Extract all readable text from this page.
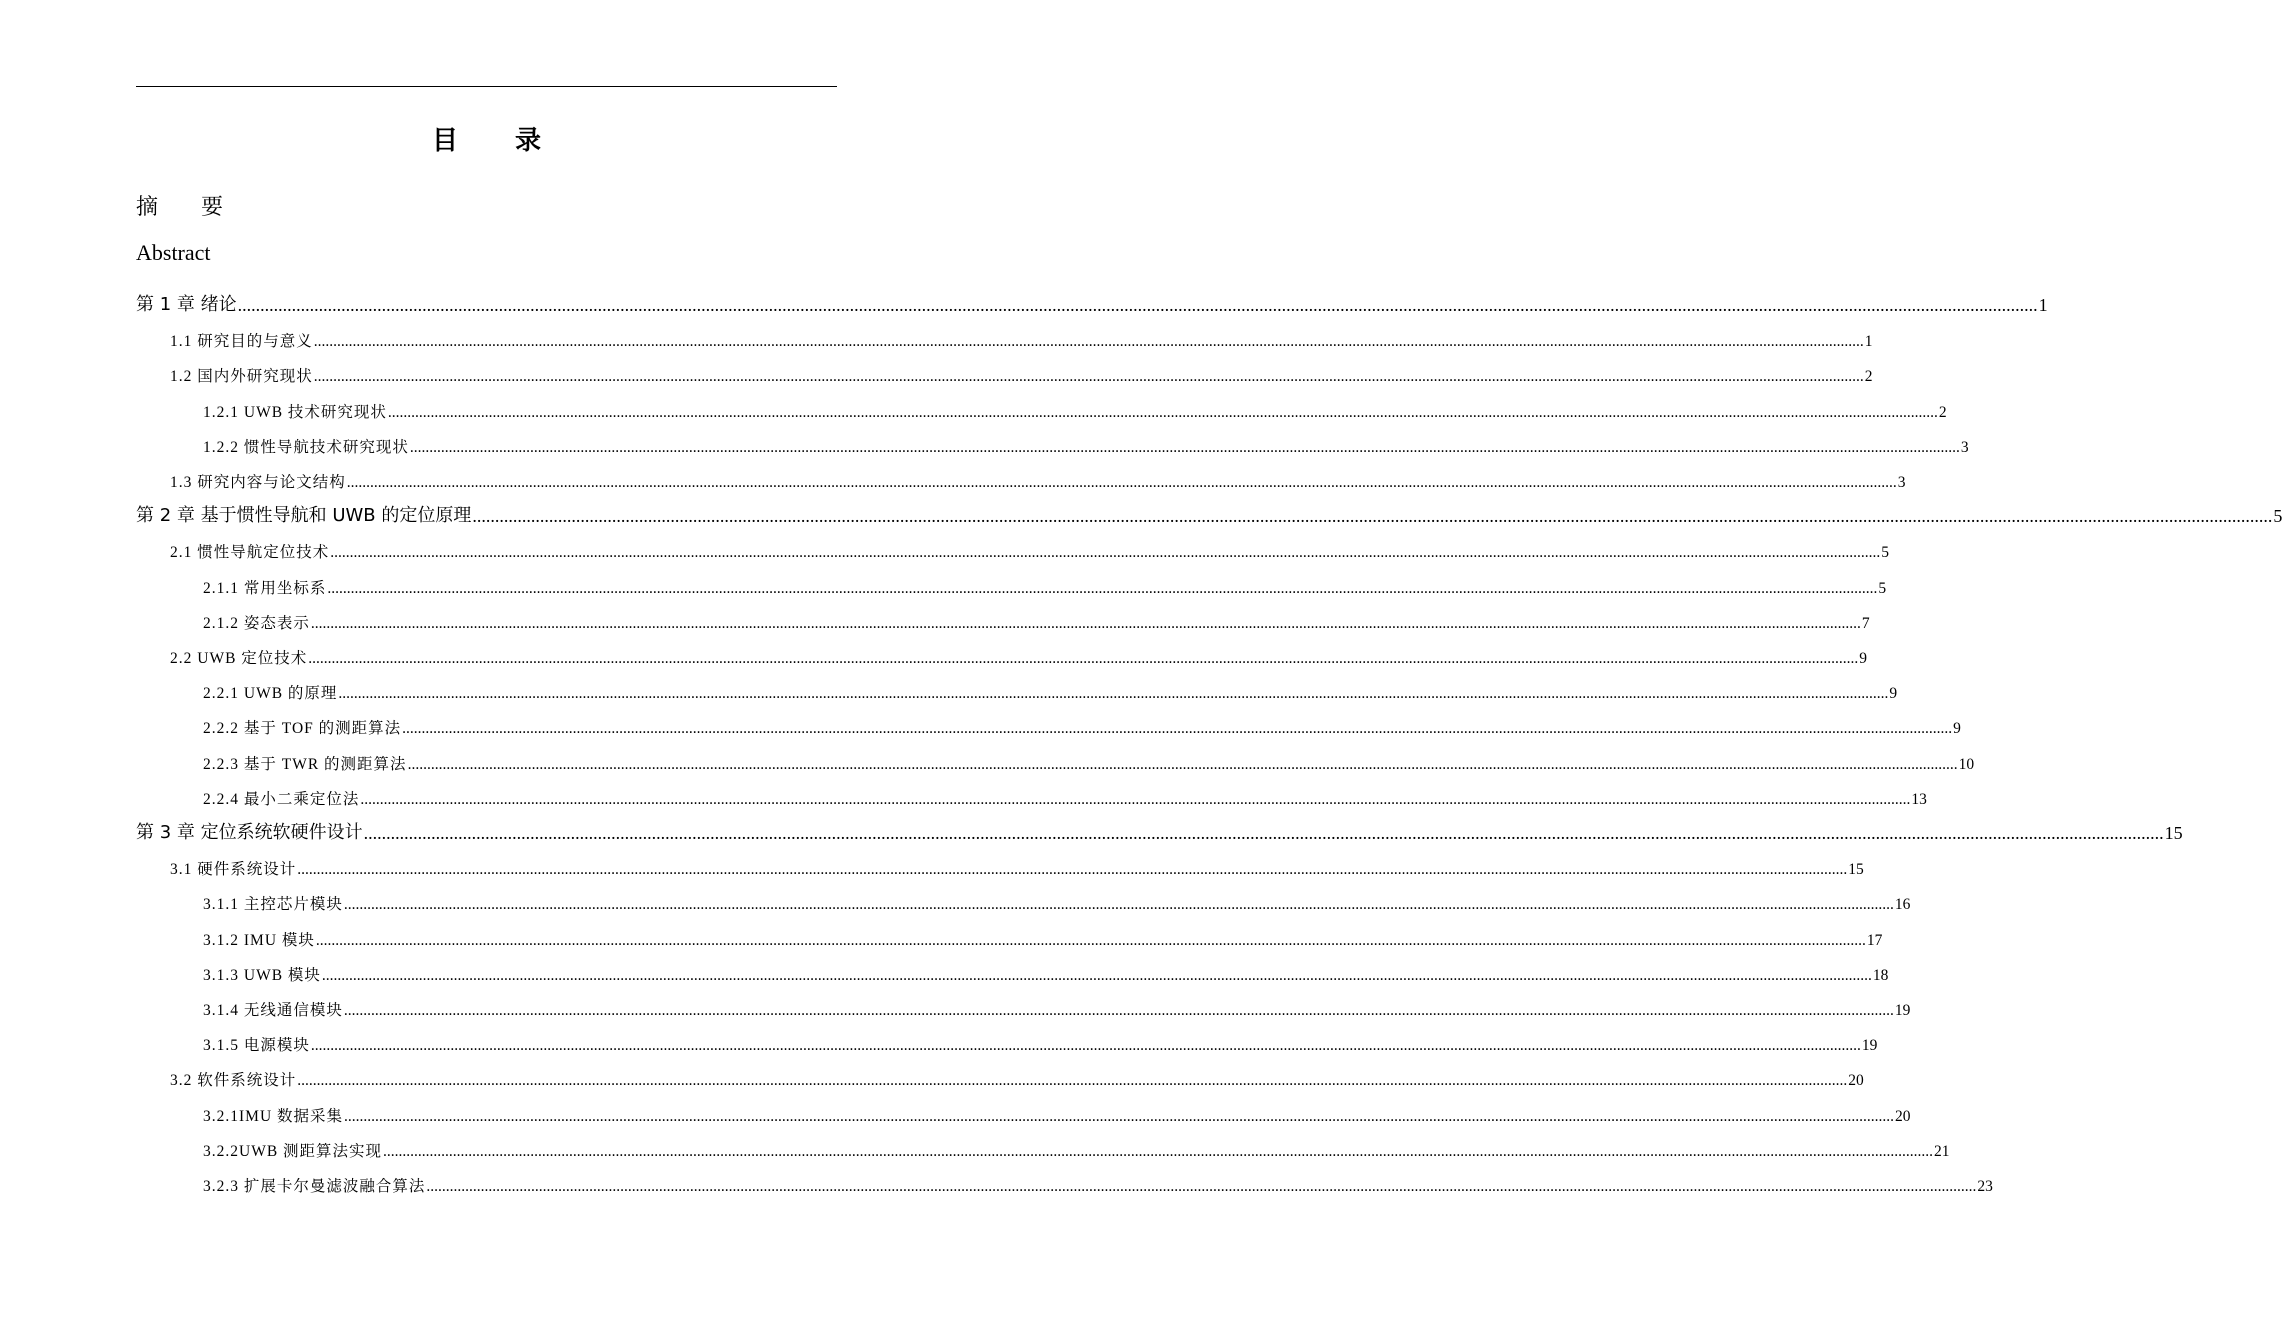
目 录
摘 要
Abstract
第 1 章 绪论 ................................................................................................................................................................................................................................................................................................................................................................................................................ 1
1.1 研究目的与意义 ................................................................................................................................................................................................................................................................................................................................................................................................................ 1
1.2 国内外研究现状 ................................................................................................................................................................................................................................................................................................................................................................................................................ 2
1.2.1 UWB 技术研究现状 ................................................................................................................................................................................................................................................................................................................................................................................................................ 2
1.2.2 惯性导航技术研究现状 ................................................................................................................................................................................................................................................................................................................................................................................................................ 3
1.3 研究内容与论文结构 ................................................................................................................................................................................................................................................................................................................................................................................................................ 3
第 2 章 基于惯性导航和 UWB 的定位原理 ................................................................................................................................................................................................................................................................................................................................................................................................................ 5
2.1 惯性导航定位技术 ................................................................................................................................................................................................................................................................................................................................................................................................................ 5
2.1.1 常用坐标系 ................................................................................................................................................................................................................................................................................................................................................................................................................ 5
2.1.2 姿态表示 ................................................................................................................................................................................................................................................................................................................................................................................................................ 7
2.2 UWB 定位技术 ................................................................................................................................................................................................................................................................................................................................................................................................................ 9
2.2.1 UWB 的原理 ................................................................................................................................................................................................................................................................................................................................................................................................................ 9
2.2.2 基于 TOF 的测距算法 ................................................................................................................................................................................................................................................................................................................................................................................................................ 9
2.2.3 基于 TWR 的测距算法 ................................................................................................................................................................................................................................................................................................................................................................................................................ 10
2.2.4 最小二乘定位法 ................................................................................................................................................................................................................................................................................................................................................................................................................ 13
第 3 章 定位系统软硬件设计 ................................................................................................................................................................................................................................................................................................................................................................................................................ 15
3.1 硬件系统设计 ................................................................................................................................................................................................................................................................................................................................................................................................................ 15
3.1.1 主控芯片模块 ................................................................................................................................................................................................................................................................................................................................................................................................................ 16
3.1.2 IMU 模块 ................................................................................................................................................................................................................................................................................................................................................................................................................ 17
3.1.3 UWB 模块 ................................................................................................................................................................................................................................................................................................................................................................................................................ 18
3.1.4 无线通信模块 ................................................................................................................................................................................................................................................................................................................................................................................................................ 19
3.1.5 电源模块 ................................................................................................................................................................................................................................................................................................................................................................................................................ 19
3.2 软件系统设计 ................................................................................................................................................................................................................................................................................................................................................................................................................ 20
3.2.1IMU 数据采集 ................................................................................................................................................................................................................................................................................................................................................................................................................ 20
3.2.2UWB 测距算法实现 ................................................................................................................................................................................................................................................................................................................................................................................................................ 21
3.2.3 扩展卡尔曼滤波融合算法 ................................................................................................................................................................................................................................................................................................................................................................................................................ 23
